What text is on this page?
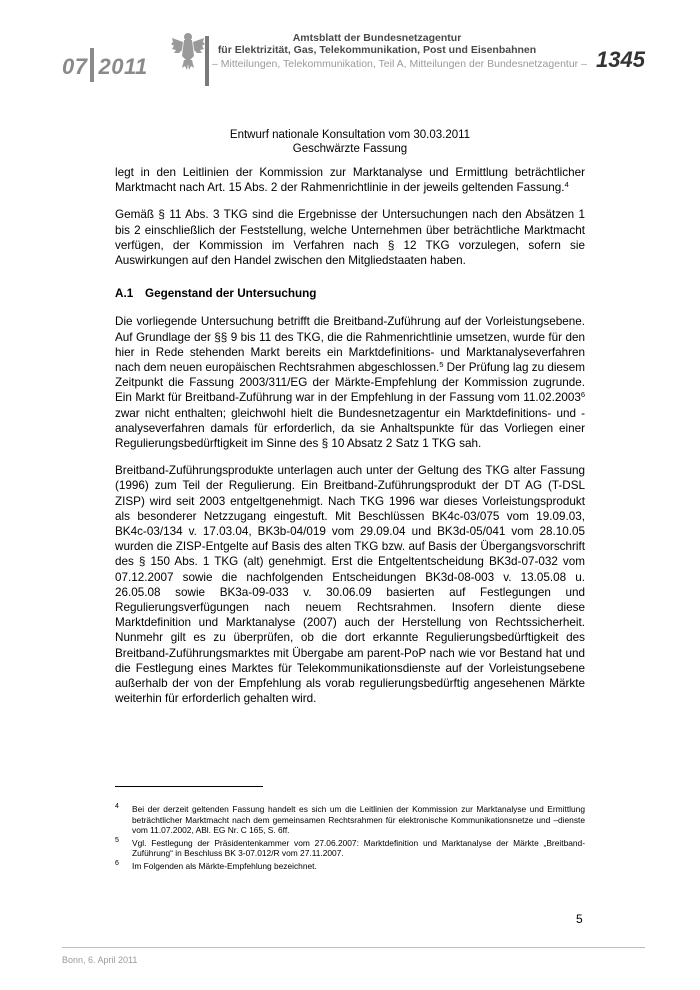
07 2011
Amtsblatt der Bundesnetzagentur
für Elektrizität, Gas, Telekommunikation, Post und Eisenbahnen
– Mitteilungen, Telekommunikation, Teil A, Mitteilungen der Bundesnetzagentur – 1345
Entwurf nationale Konsultation vom 30.03.2011
Geschwärzte Fassung

legt in den Leitlinien der Kommission zur Marktanalyse und Ermittlung beträchtlicher Marktmacht nach Art. 15 Abs. 2 der Rahmenrichtlinie in der jeweils geltenden Fassung.$^4$

Gemäß § 11 Abs. 3 TKG sind die Ergebnisse der Untersuchungen nach den Absätzen 1 bis 2 einschließlich der Feststellung, welche Unternehmen über beträchtliche Marktmacht verfügen, der Kommission im Verfahren nach § 12 TKG vorzulegen, sofern sie Auswirkungen auf den Handel zwischen den Mitgliedstaaten haben.

A.1 Gegenstand der Untersuchung

Die vorliegende Untersuchung betrifft die Breitband-Zuführung auf der Vorleistungsebene. Auf Grundlage der §§ 9 bis 11 des TKG, die die Rahmenrichtlinie umsetzen, wurde für den hier in Rede stehenden Markt bereits ein Marktdefinitions- und Marktanalyseverfahren nach dem neuen europäischen Rechtsrahmen abgeschlossen.$^5$ Der Prüfung lag zu diesem Zeitpunkt die Fassung 2003/311/EG der Märkte-Empfehlung der Kommission zugrunde. Ein Markt für Breitband-Zuführung war in der Empfehlung in der Fassung vom 11.02.2003$^6$ zwar nicht enthalten; gleichwohl hielt die Bundesnetzagentur ein Marktdefinitions- und -analyseverfahren damals für erforderlich, da sie Anhaltspunkte für das Vorliegen einer Regulierungsbedürftigkeit im Sinne des § 10 Absatz 2 Satz 1 TKG sah.

Breitband-Zuführungsprodukte unterlagen auch unter der Geltung des TKG alter Fassung (1996) zum Teil der Regulierung. Ein Breitband-Zuführungsprodukt der DT AG (T-DSL ZISP) wird seit 2003 entgeltgenehmigt. Nach TKG 1996 war dieses Vorleistungsprodukt als besonderer Netzzugang eingestuft. Mit Beschlüssen BK4c-03/075 vom 19.09.03, BK4c-03/134 v. 17.03.04, BK3b-04/019 vom 29.09.04 und BK3d-05/041 vom 28.10.05 wurden die ZISP-Entgelte auf Basis des alten TKG bzw. auf Basis der Übergangsvorschrift des § 150 Abs. 1 TKG (alt) genehmigt. Erst die Entgeltentscheidung BK3d-07-032 vom 07.12.2007 sowie die nachfolgenden Entscheidungen BK3d-08-003 v. 13.05.08 u. 26.05.08 sowie BK3a-09-033 v. 30.06.09 basierten auf Festlegungen und Regulierungsverfügungen nach neuem Rechtsrahmen. Insofern diente diese Marktdefinition und Marktanalyse (2007) auch der Herstellung von Rechtssicherheit. Nunmehr gilt es zu überprüfen, ob die dort erkannte Regulierungsbedürftigkeit des Breitband-Zuführungsmarktes mit Übergabe am parent-PoP nach wie vor Bestand hat und die Festlegung eines Marktes für Telekommunikationsdienste auf der Vorleistungsebene außerhalb der von der Empfehlung als vorab regulierungsbedürftig angesehenen Märkte weiterhin für erforderlich gehalten wird.

4	Bei der derzeit geltenden Fassung handelt es sich um die Leitlinien der Kommission zur Marktanalyse und Ermittlung beträchtlicher Marktmacht nach dem gemeinsamen Rechtsrahmen für elektronische Kommunikationsnetze und –dienste vom 11.07.2002, ABl. EG Nr. C 165, S. 6ff.
5	Vgl. Festlegung der Präsidentenkammer vom 27.06.2007: Marktdefinition und Marktanalyse der Märkte „Breitband-Zuführung“ in Beschluss BK 3-07.012/R vom 27.11.2007.
6	Im Folgenden als Märkte-Empfehlung bezeichnet.
5
Bonn, 6. April 2011
